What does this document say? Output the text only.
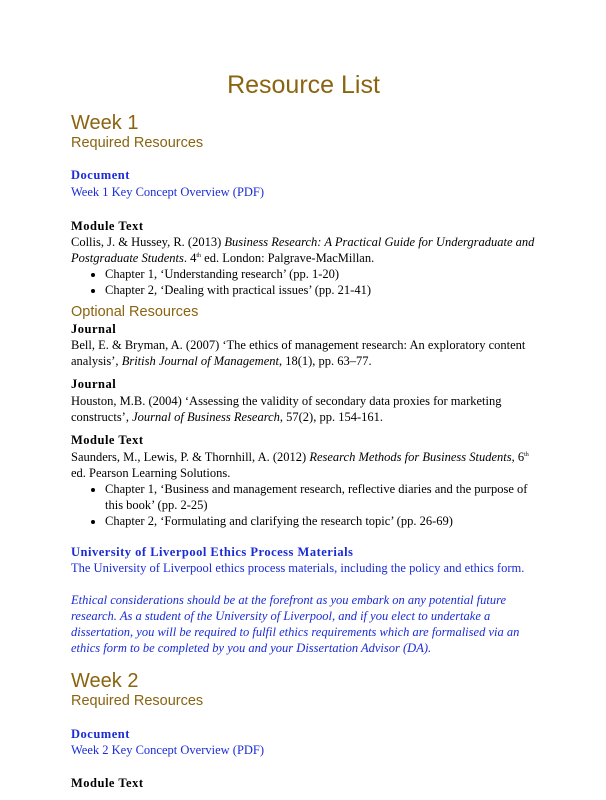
Resource List
Week 1
Required Resources

Document

Week 1 Key Concept Overview (PDF)

Module Text

Collis, J. & Hussey, R. (2013) Business Research: A Practical Guide for Undergraduate and Postgraduate Students. 4th ed. London: Palgrave-MacMillan.

• Chapter 1, ‘Understanding research’ (pp. 1-20)
• Chapter 2, ‘Dealing with practical issues’ (pp. 21-41)
Optional Resources

Journal

Bell, E. & Bryman, A. (2007) ‘The ethics of management research: An exploratory content analysis’, British Journal of Management, 18(1), pp. 63–77.

Journal

Houston, M.B. (2004) ‘Assessing the validity of secondary data proxies for marketing constructs’, Journal of Business Research, 57(2), pp. 154-161.

Module Text

Saunders, M., Lewis, P. & Thornhill, A. (2012) Research Methods for Business Students, 6th ed. Pearson Learning Solutions.

• Chapter 1, ‘Business and management research, reflective diaries and the purpose of this book’ (pp. 2-25)
• Chapter 2, ‘Formulating and clarifying the research topic’ (pp. 26-69)

University of Liverpool Ethics Process Materials

The University of Liverpool ethics process materials, including the policy and ethics form.

Ethical considerations should be at the forefront as you embark on any potential future research. As a student of the University of Liverpool, and if you elect to undertake a dissertation, you will be required to fulfil ethics requirements which are formalised via an ethics form to be completed by you and your Dissertation Advisor (DA).

Week 2
Required Resources

Document

Week 2 Key Concept Overview (PDF)

Module Text
